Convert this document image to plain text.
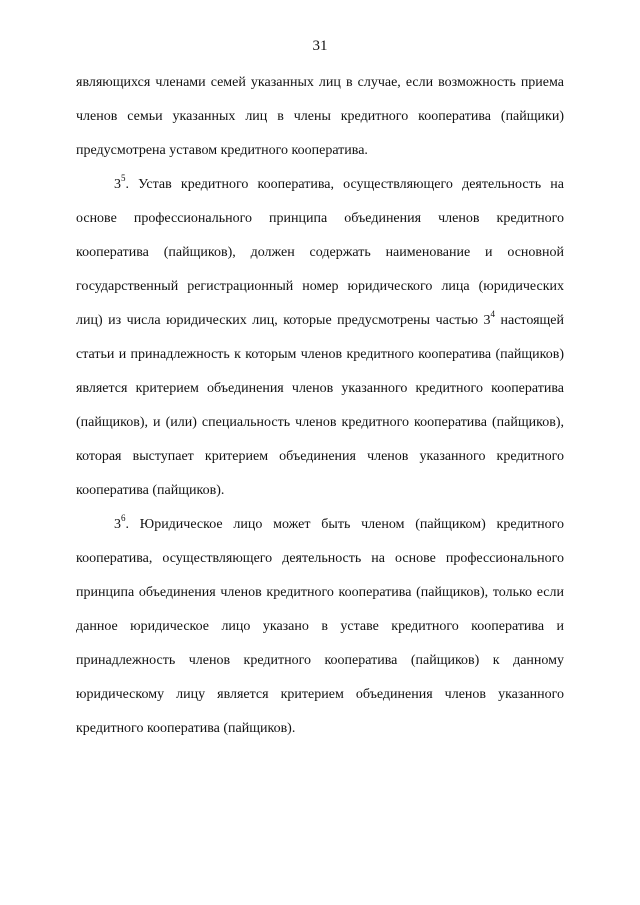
31

являющихся членами семей указанных лиц в случае, если возможность приема членов семьи указанных лиц в члены кредитного кооператива (пайщики) предусмотрена уставом кредитного кооператива.

$3^5$. Устав кредитного кооператива, осуществляющего деятельность на основе профессионального принципа объединения членов кредитного кооператива (пайщиков), должен содержать наименование и основной государственный регистрационный номер юридического лица (юридических лиц) из числа юридических лиц, которые предусмотрены частью $3^4$ настоящей статьи и принадлежность к которым членов кредитного кооператива (пайщиков) является критерием объединения членов указанного кредитного кооператива (пайщиков), и (или) специальность членов кредитного кооператива (пайщиков), которая выступает критерием объединения членов указанного кредитного кооператива (пайщиков).

$3^6$. Юридическое лицо может быть членом (пайщиком) кредитного кооператива, осуществляющего деятельность на основе профессионального принципа объединения членов кредитного кооператива (пайщиков), только если данное юридическое лицо указано в уставе кредитного кооператива и принадлежность членов кредитного кооператива (пайщиков) к данному юридическому лицу является критерием объединения членов указанного кредитного кооператива (пайщиков).
